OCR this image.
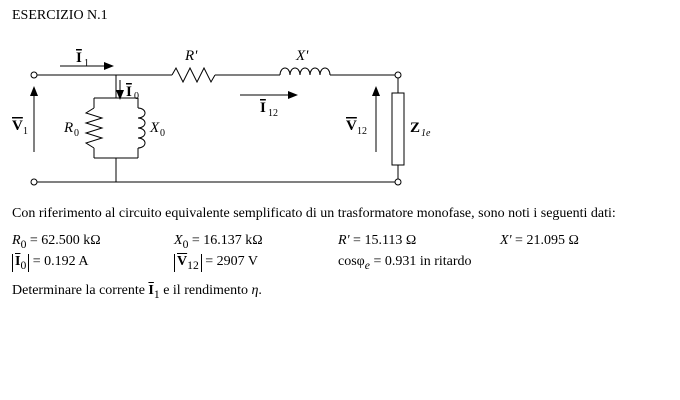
ESERCIZIO N.1
I 1
I 0
R'	X'
I 12
V 1 R 0	X 0	V 12	Z 1e
Con riferimento al circuito equivalente semplificato di un trasformatore monofase, sono noti i seguenti dati:
$R_0 = 62.500$ kΩ	$X_0 = 16.137$ kΩ	R' = 15.113 Ω	X' = 21.095 Ω
$\overline{I}_0 = 0.192$ A	$\overline{V}_{12} = 2907$ V	cosφ$_e$ = 0.931 in ritardo
Determinare la corrente $\overline{I}_1$ e il rendimento η.
